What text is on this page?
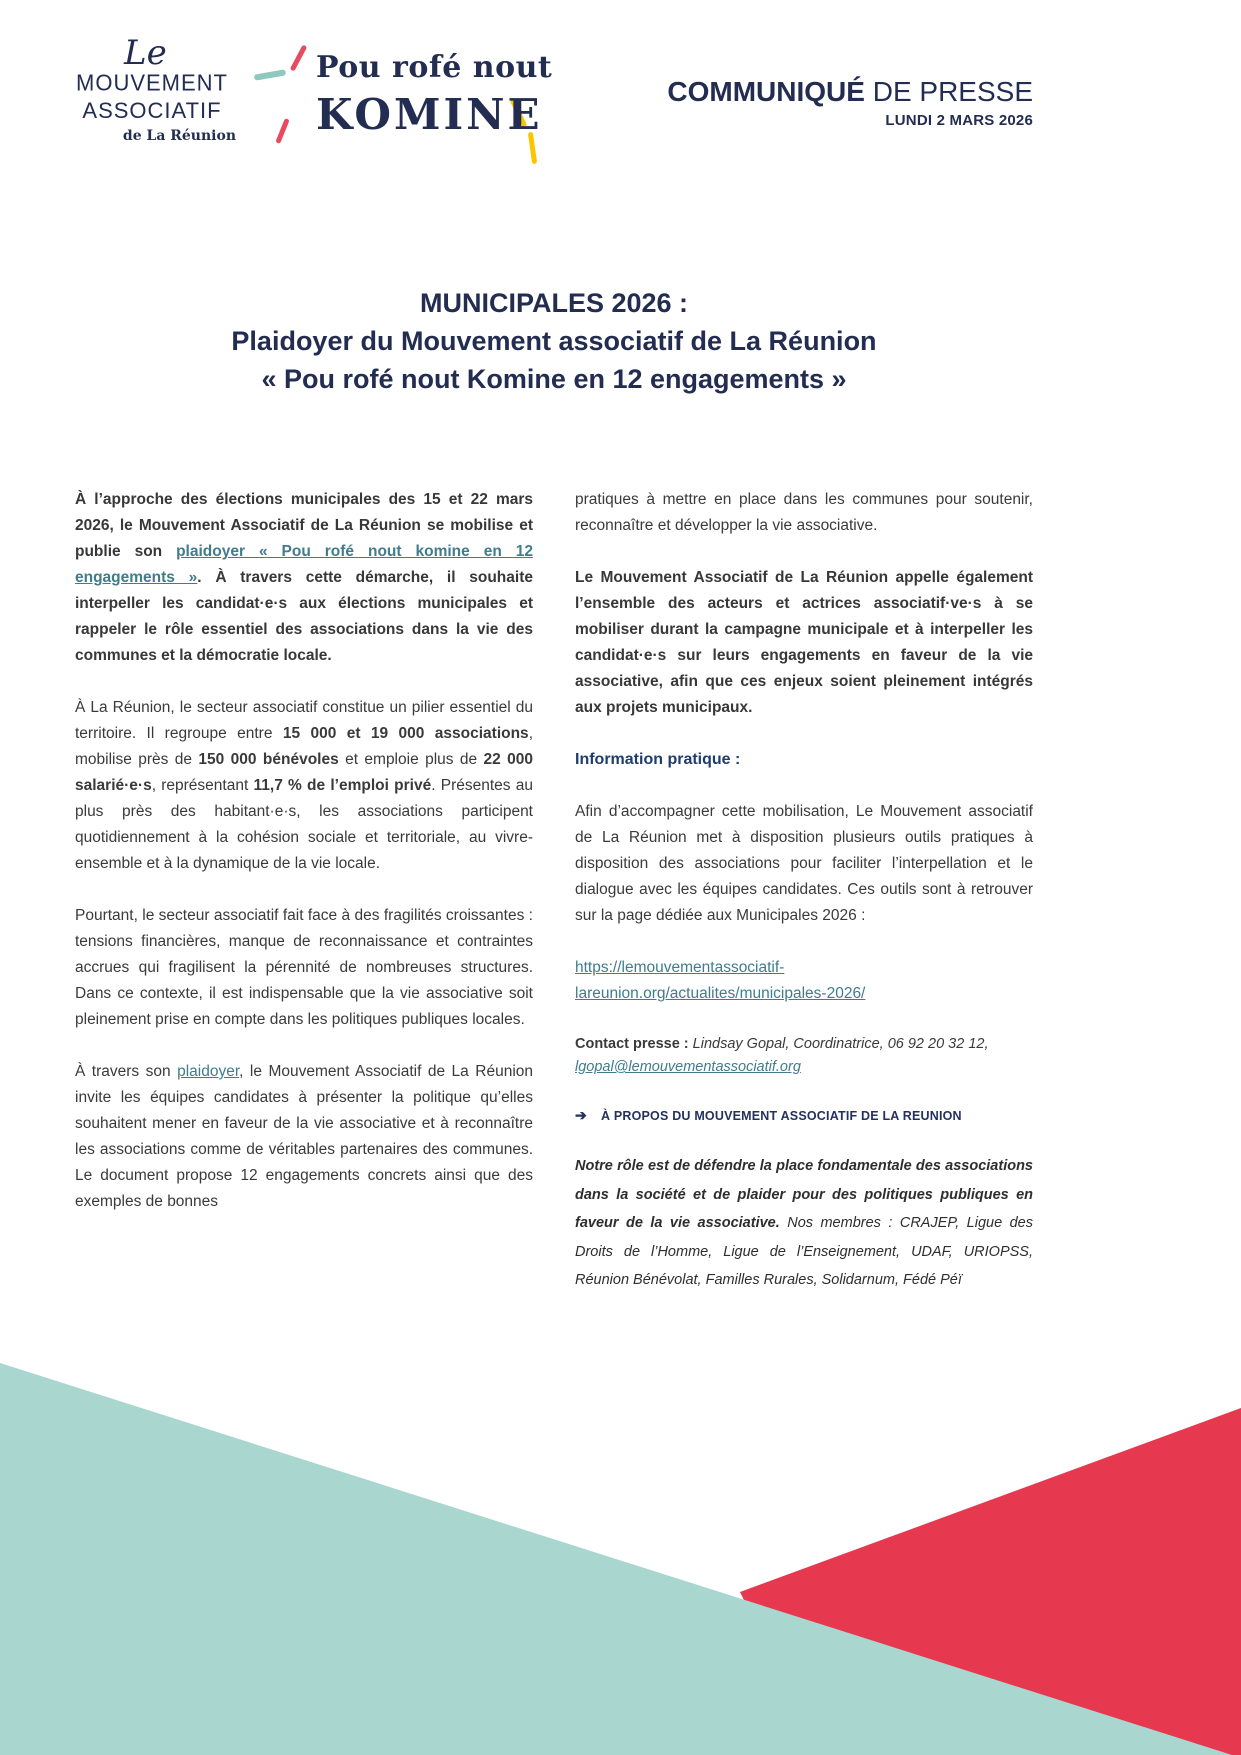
Le
MOUVEMENT
ASSOCIATIF
de La Réunion
Pou rofé nout
KOMINE	COMMUNIQUÉ DE PRESSE
LUNDI 2 MARS 2026
MUNICIPALES 2026 :
Plaidoyer du Mouvement associatif de La Réunion
« Pou rofé nout Komine en 12 engagements »

À l’approche des élections municipales des 15 et 22 mars 2026, le Mouvement Associatif de La Réunion se mobilise et publie son plaidoyer « Pou rofé nout komine en 12 engagements ». À travers cette démarche, il souhaite interpeller les candidat·e·s aux élections municipales et rappeler le rôle essentiel des associations dans la vie des communes et la démocratie locale.

À La Réunion, le secteur associatif constitue un pilier essentiel du territoire. Il regroupe entre 15 000 et 19 000 associations, mobilise près de 150 000 bénévoles et emploie plus de 22 000 salarié·e·s, représentant 11,7 % de l’emploi privé. Présentes au plus près des habitant·e·s, les associations participent quotidiennement à la cohésion sociale et territoriale, au vivre-ensemble et à la dynamique de la vie locale.

Pourtant, le secteur associatif fait face à des fragilités croissantes : tensions financières, manque de reconnaissance et contraintes accrues qui fragilisent la pérennité de nombreuses structures. Dans ce contexte, il est indispensable que la vie associative soit pleinement prise en compte dans les politiques publiques locales.

À travers son plaidoyer, le Mouvement Associatif de La Réunion invite les équipes candidates à présenter la politique qu’elles souhaitent mener en faveur de la vie associative et à reconnaître les associations comme de véritables partenaires des communes. Le document propose 12 engagements concrets ainsi que des exemples de bonnes

pratiques à mettre en place dans les communes pour soutenir, reconnaître et développer la vie associative.

Le Mouvement Associatif de La Réunion appelle également l’ensemble des acteurs et actrices associatif·ve·s à se mobiliser durant la campagne municipale et à interpeller les candidat·e·s sur leurs engagements en faveur de la vie associative, afin que ces enjeux soient pleinement intégrés aux projets municipaux.

Information pratique :

Afin d’accompagner cette mobilisation, Le Mouvement associatif de La Réunion met à disposition plusieurs outils pratiques à disposition des associations pour faciliter l’interpellation et le dialogue avec les équipes candidates. Ces outils sont à retrouver sur la page dédiée aux Municipales 2026 :

https://lemouvementassociatif-lareunion.org/actualites/municipales-2026/

Contact presse : Lindsay Gopal, Coordinatrice, 06 92 20 32 12, lgopal@lemouvementassociatif.org

➔ À PROPOS DU MOUVEMENT ASSOCIATIF DE LA REUNION

Notre rôle est de défendre la place fondamentale des associations dans la société et de plaider pour des politiques publiques en faveur de la vie associative. Nos membres : CRAJEP, Ligue des Droits de l’Homme, Ligue de l’Enseignement, UDAF, URIOPSS, Réunion Bénévolat, Familles Rurales, Solidarnum, Fédé Péï

Choisir
l’intérêt
général
